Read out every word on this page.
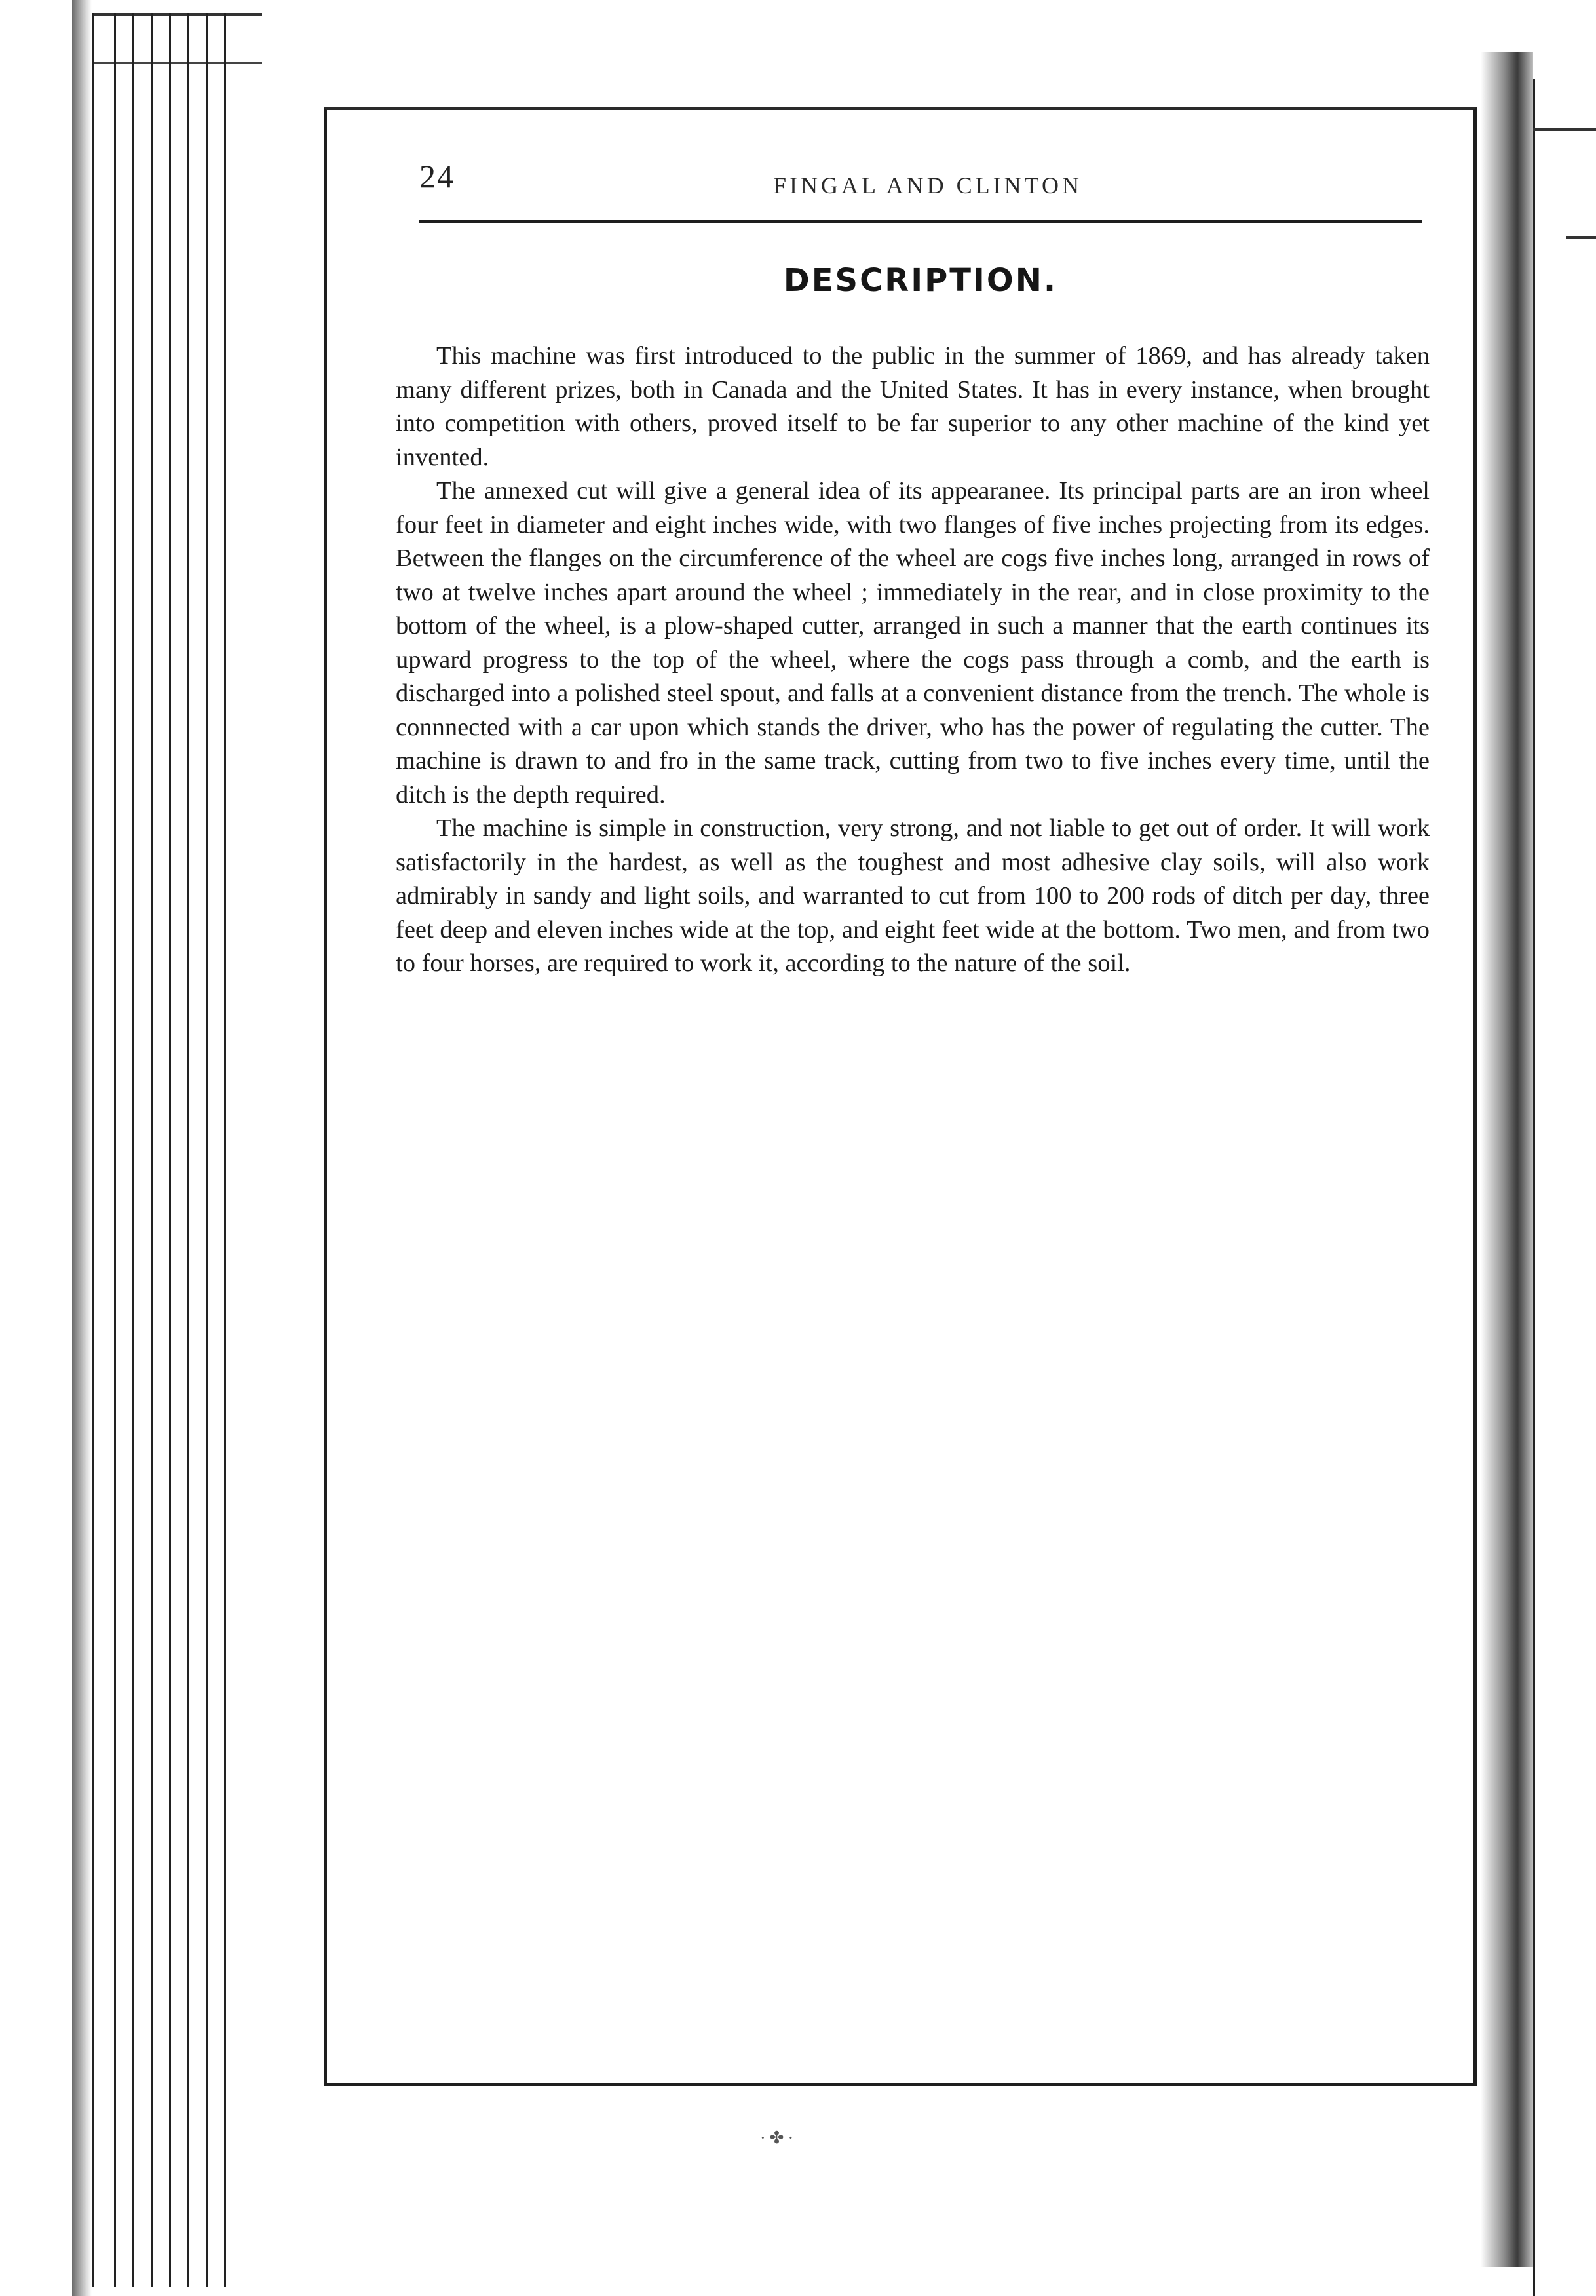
24	FINGAL AND CLINTON
DESCRIPTION.

This machine was first introduced to the public in the summer of 1869, and has already taken many different prizes, both in Canada and the United States. It has in every instance, when brought into competition with others, proved itself to be far superior to any other machine of the kind yet invented.

The annexed cut will give a general idea of its appearanee. Its principal parts are an iron wheel four feet in diameter and eight inches wide, with two flanges of five inches projecting from its edges. Between the flanges on the circumference of the wheel are cogs five inches long, arranged in rows of two at twelve inches apart around the wheel ; immediately in the rear, and in close proximity to the bottom of the wheel, is a plow-shaped cutter, arranged in such a manner that the earth continues its upward progress to the top of the wheel, where the cogs pass through a comb, and the earth is discharged into a polished steel spout, and falls at a convenient distance from the trench. The whole is connnected with a car upon which stands the driver, who has the power of regulating the cutter. The machine is drawn to and fro in the same track, cutting from two to five inches every time, until the ditch is the depth required.

The machine is simple in construction, very strong, and not liable to get out of order. It will work satisfactorily in the hardest, as well as the toughest and most adhesive clay soils, will also work admirably in sandy and light soils, and warranted to cut from 100 to 200 rods of ditch per day, three feet deep and eleven inches wide at the top, and eight feet wide at the bottom. Two men, and from two to four horses, are required to work it, according to the nature of the soil.

·✤·
